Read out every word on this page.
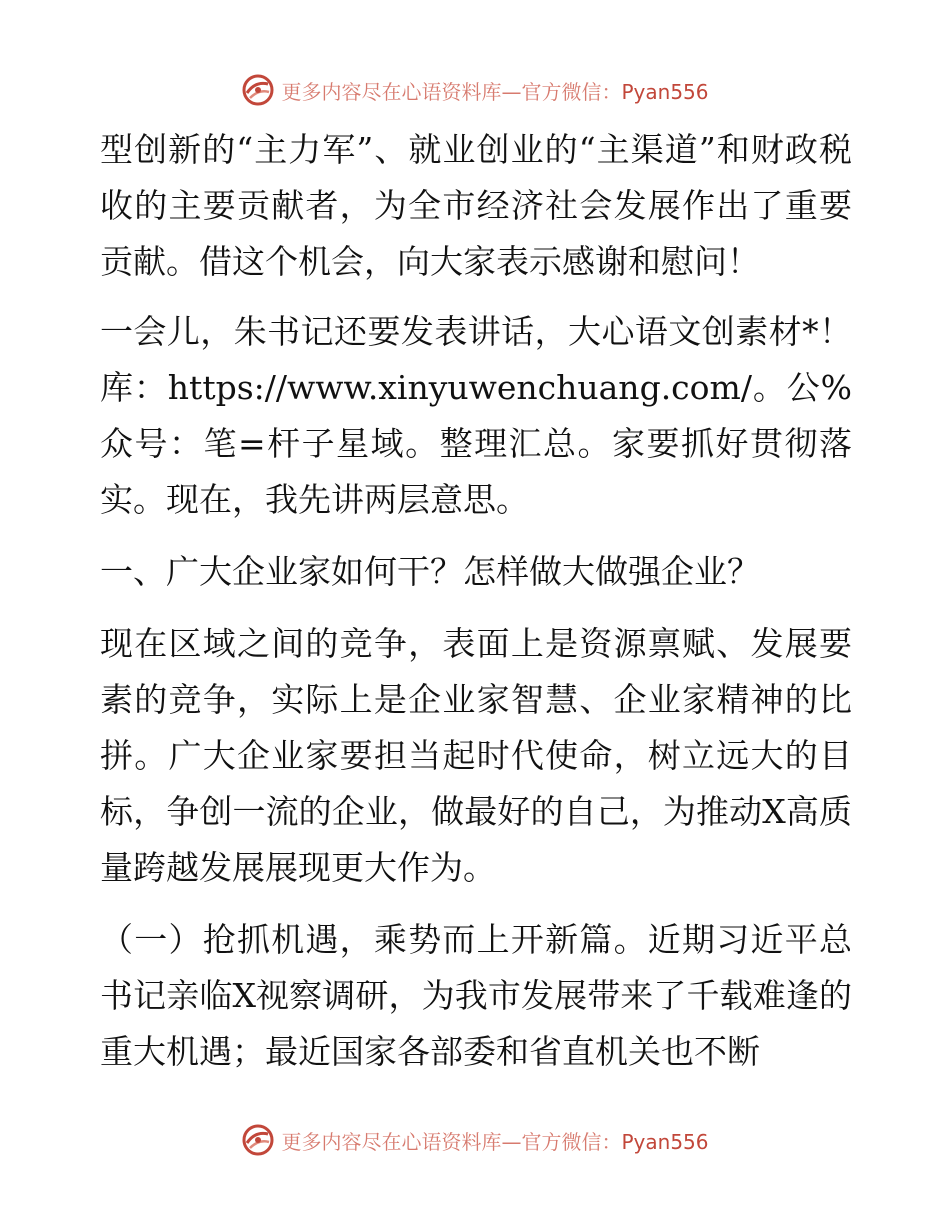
更多内容尽在心语资料库—官方微信：Pyan556

型创新的“主力军”、就业创业的“主渠道”和财政税收的主要贡献者，为全市经济社会发展作出了重要贡献。借这个机会，向大家表示感谢和慰问！

一会儿，朱书记还要发表讲话，大心语文创素材*！库：https://www.xinyuwenchuang.com/。公%众号：笔=杆子星域。整理汇总。家要抓好贯彻落实。现在，我先讲两层意思。

一、广大企业家如何干？怎样做大做强企业？

现在区域之间的竞争，表面上是资源禀赋、发展要素的竞争，实际上是企业家智慧、企业家精神的比拼。广大企业家要担当起时代使命，树立远大的目标，争创一流的企业，做最好的自己，为推动X高质量跨越发展展现更大作为。

（一）抢抓机遇，乘势而上开新篇。近期习近平总书记亲临X视察调研，为我市发展带来了千载难逢的重大机遇；最近国家各部委和省直机关也不断

更多内容尽在心语资料库—官方微信：Pyan556
